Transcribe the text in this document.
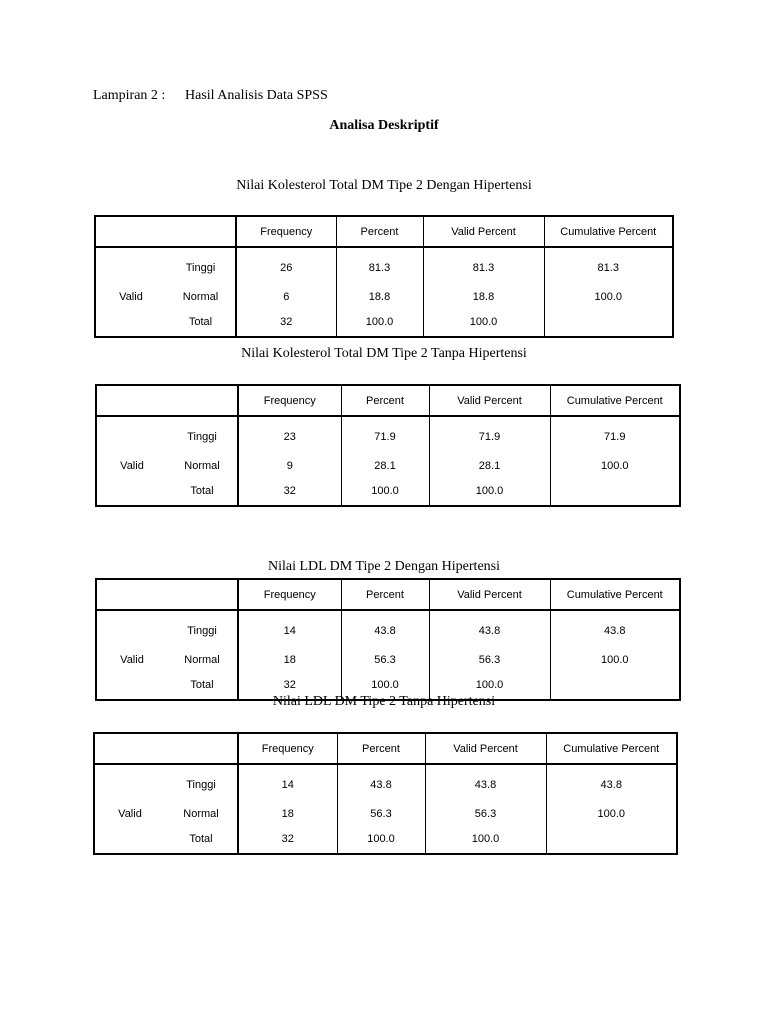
Lampiran 2 : Hasil Analisis Data SPSS
Analisa Deskriptif
Nilai Kolesterol Total DM Tipe 2 Dengan Hipertensi
		Frequency	Percent	Valid Percent	Cumulative Percent
	Tinggi	26	81.3	81.3	81.3
Valid	Normal	6	18.8	18.8	100.0
	Total	32	100.0	100.0	
Nilai Kolesterol Total DM Tipe 2 Tanpa Hipertensi
		Frequency	Percent	Valid Percent	Cumulative Percent
	Tinggi	23	71.9	71.9	71.9
Valid	Normal	9	28.1	28.1	100.0
	Total	32	100.0	100.0	
Nilai LDL DM Tipe 2 Dengan Hipertensi
		Frequency	Percent	Valid Percent	Cumulative Percent
	Tinggi	14	43.8	43.8	43.8
Valid	Normal	18	56.3	56.3	100.0
	Total	32	100.0	100.0	
Nilai LDL DM Tipe 2 Tanpa Hipertensi
		Frequency	Percent	Valid Percent	Cumulative Percent
	Tinggi	14	43.8	43.8	43.8
Valid	Normal	18	56.3	56.3	100.0
	Total	32	100.0	100.0	
